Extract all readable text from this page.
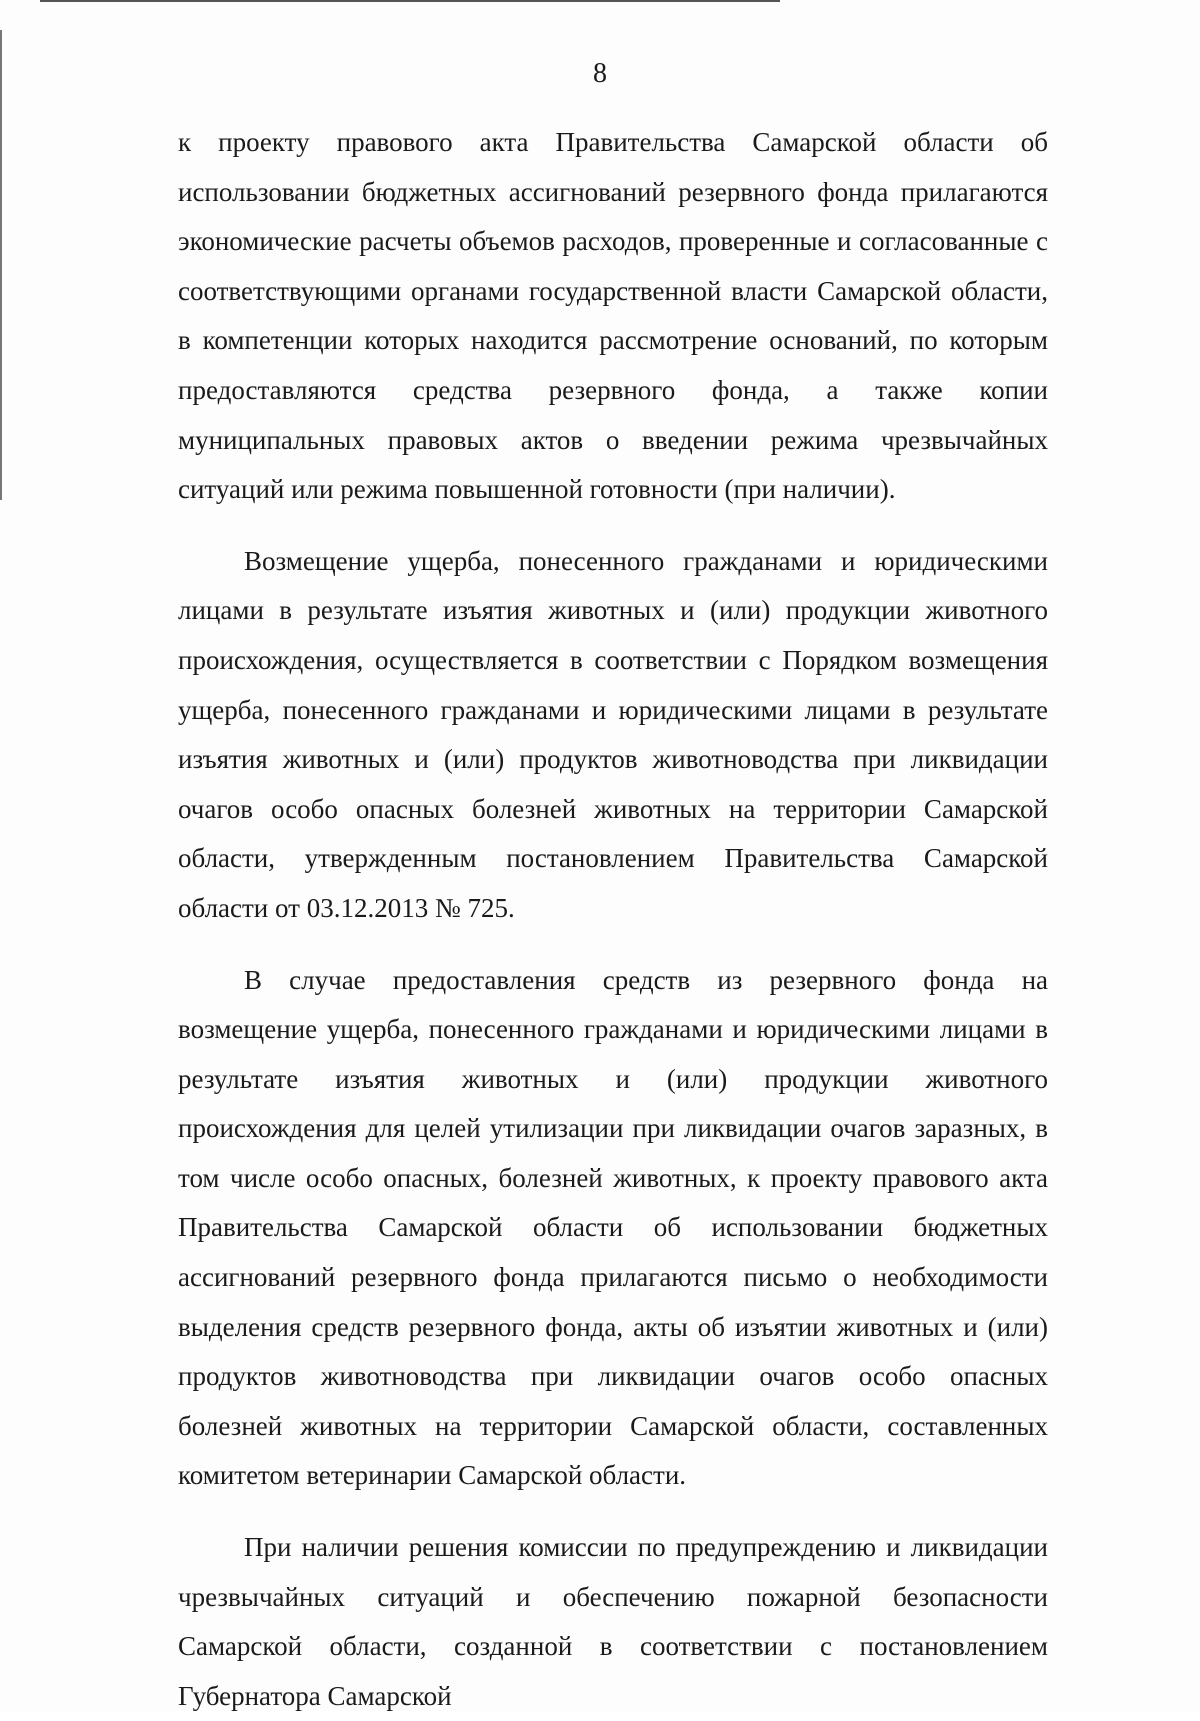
8

к проекту правового акта Правительства Самарской области об использовании бюджетных ассигнований резервного фонда прилагаются экономические расчеты объемов расходов, проверенные и согласованные с соответствующими органами государственной власти Самарской области, в компетенции которых находится рассмотрение оснований, по которым предоставляются средства резервного фонда, а также копии муниципальных правовых актов о введении режима чрезвычайных ситуаций или режима повышенной готовности (при наличии).

Возмещение ущерба, понесенного гражданами и юридическими лицами в результате изъятия животных и (или) продукции животного происхождения, осуществляется в соответствии с Порядком возмещения ущерба, понесенного гражданами и юридическими лицами в результате изъятия животных и (или) продуктов животноводства при ликвидации очагов особо опасных болезней животных на территории Самарской области, утвержденным постановлением Правительства Самарской области от 03.12.2013 № 725.

В случае предоставления средств из резервного фонда на возмещение ущерба, понесенного гражданами и юридическими лицами в результате изъятия животных и (или) продукции животного происхождения для целей утилизации при ликвидации очагов заразных, в том числе особо опасных, болезней животных, к проекту правового акта Правительства Самарской области об использовании бюджетных ассигнований резервного фонда прилагаются письмо о необходимости выделения средств резервного фонда, акты об изъятии животных и (или) продуктов животноводства при ликвидации очагов особо опасных болезней животных на территории Самарской области, составленных комитетом ветеринарии Самарской области.

При наличии решения комиссии по предупреждению и ликвидации чрезвычайных ситуаций и обеспечению пожарной безопасности Самарской области, созданной в соответствии с постановлением Губернатора Самарской
